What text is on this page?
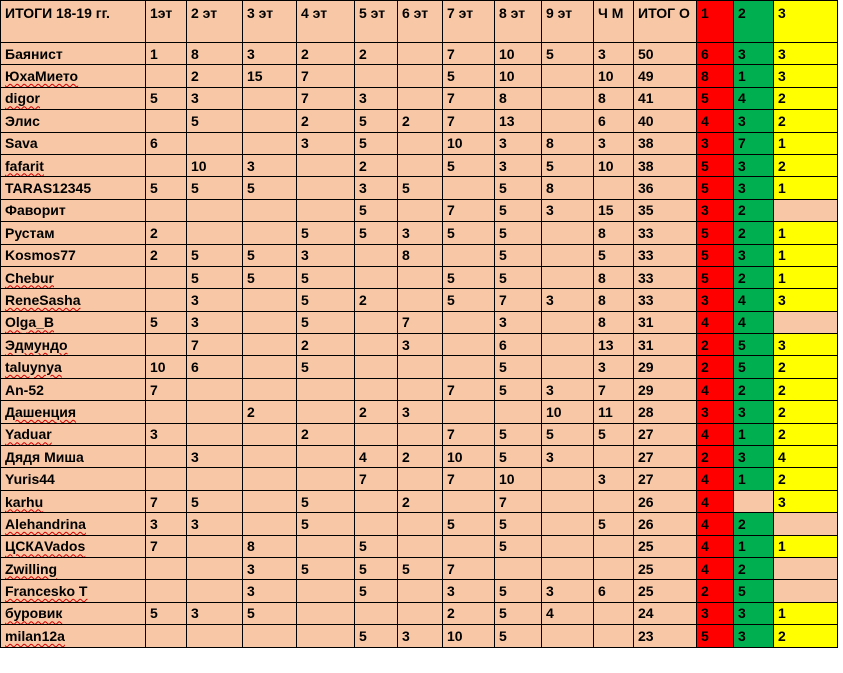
ИТОГИ 18-19 гг.	1эт	2 эт	3 эт	4 эт	5 эт	6 эт	7 эт	8 эт	9 эт	Ч М	ИТОГ О	1	2	3
Баянист	1	8	3	2	2		7	10	5	3	50	6	3	3
ЮхаМието		2	15	7			5	10		10	49	8	1	3
digor	5	3		7	3		7	8		8	41	5	4	2
Элис		5		2	5	2	7	13		6	40	4	3	2
Sava	6			3	5		10	3	8	3	38	3	7	1
fafarit		10	3		2		5	3	5	10	38	5	3	2
TARAS12345	5	5	5		3	5		5	8		36	5	3	1
Фаворит					5		7	5	3	15	35	3	2	
Рустам	2			5	5	3	5	5		8	33	5	2	1
Kosmos77	2	5	5	3		8		5		5	33	5	3	1
Chebur		5	5	5			5	5		8	33	5	2	1
ReneSasha		3		5	2		5	7	3	8	33	3	4	3
Olga_B	5	3		5		7		3		8	31	4	4	
Эдмундо		7		2		3		6		13	31	2	5	3
taluynya	10	6		5				5		3	29	2	5	2
An-52	7						7	5	3	7	29	4	2	2
Дашенция			2		2	3			10	11	28	3	3	2
Yaduar	3			2			7	5	5	5	27	4	1	2
Дядя Миша		3			4	2	10	5	3		27	2	3	4
Yuris44					7		7	10		3	27	4	1	2
karhu	7	5		5		2		7			26	4		3
Alehandrina	3	3		5			5	5		5	26	4	2	
ЦСКАVados	7		8		5			5			25	4	1	1
Zwilling			3	5	5	5	7				25	4	2	
Francesko T			3		5		3	5	3	6	25	2	5	
буровик	5	3	5				2	5	4		24	3	3	1
milan12a					5	3	10	5			23	5	3	2
